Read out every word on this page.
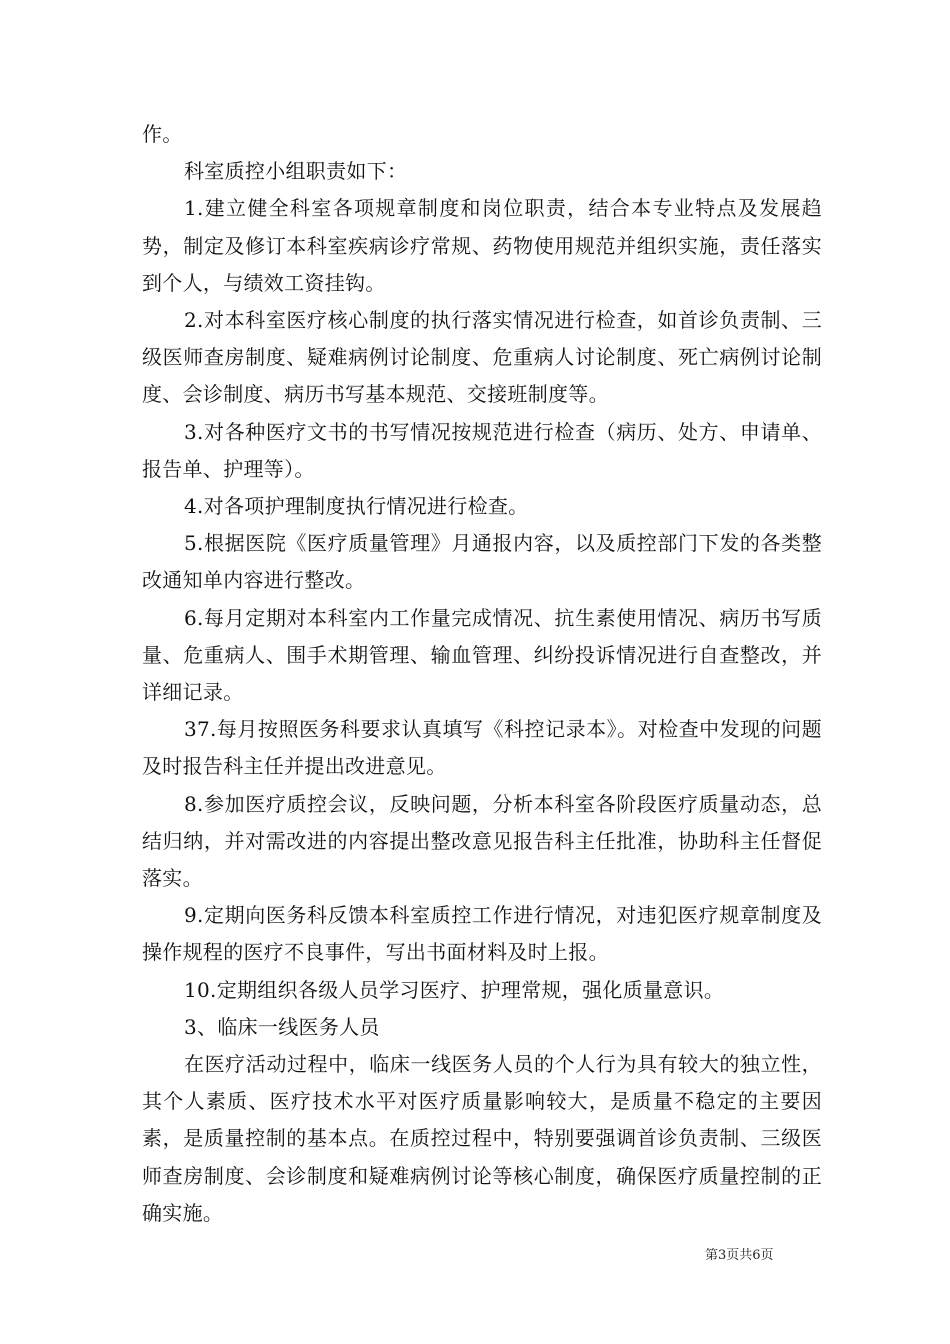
作。

科室质控小组职责如下：

1.建立健全科室各项规章制度和岗位职责，结合本专业特点及发展趋势，制定及修订本科室疾病诊疗常规、药物使用规范并组织实施，责任落实到个人，与绩效工资挂钩。

2.对本科室医疗核心制度的执行落实情况进行检查，如首诊负责制、三级医师查房制度、疑难病例讨论制度、危重病人讨论制度、死亡病例讨论制度、会诊制度、病历书写基本规范、交接班制度等。

3.对各种医疗文书的书写情况按规范进行检查（病历、处方、申请单、报告单、护理等）。

4.对各项护理制度执行情况进行检查。

5.根据医院《医疗质量管理》月通报内容，以及质控部门下发的各类整改通知单内容进行整改。

6.每月定期对本科室内工作量完成情况、抗生素使用情况、病历书写质量、危重病人、围手术期管理、输血管理、纠纷投诉情况进行自查整改，并详细记录。

37.每月按照医务科要求认真填写《科控记录本》。对检查中发现的问题及时报告科主任并提出改进意见。

8.参加医疗质控会议，反映问题，分析本科室各阶段医疗质量动态，总结归纳，并对需改进的内容提出整改意见报告科主任批准，协助科主任督促落实。

9.定期向医务科反馈本科室质控工作进行情况，对违犯医疗规章制度及操作规程的医疗不良事件，写出书面材料及时上报。

10.定期组织各级人员学习医疗、护理常规，强化质量意识。

3、临床一线医务人员

在医疗活动过程中，临床一线医务人员的个人行为具有较大的独立性，其个人素质、医疗技术水平对医疗质量影响较大，是质量不稳定的主要因素，是质量控制的基本点。在质控过程中，特别要强调首诊负责制、三级医师查房制度、会诊制度和疑难病例讨论等核心制度，确保医疗质量控制的正确实施。

第3页共6页
